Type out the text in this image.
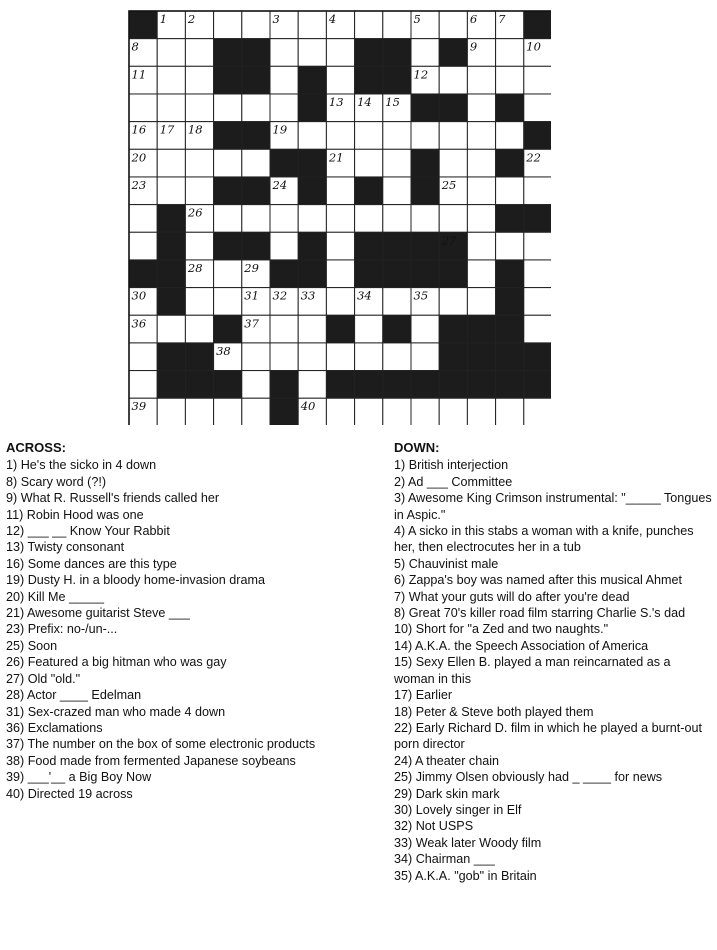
1 2	3	4	5	6 7
8	9	10
11	12
13 14 15
16 17 18	19
20	21	22
23	24	25
26
27
28	29
30	31 32 33	34	35
36	37
38
39	40
ACROSS:
1) He's the sicko in 4 down
8) Scary word (?!)
9) What R. Russell's friends called her
11) Robin Hood was one
12) ___ __ Know Your Rabbit
13) Twisty consonant
16) Some dances are this type
19) Dusty H. in a bloody home-invasion drama
20) Kill Me _____
21) Awesome guitarist Steve ___
23) Prefix: no-/un-...
25) Soon
26) Featured a big hitman who was gay
27) Old "old."
28) Actor ____ Edelman
31) Sex-crazed man who made 4 down
36) Exclamations
37) The number on the box of some electronic products
38) Food made from fermented Japanese soybeans
39) ___'__ a Big Boy Now
40) Directed 19 across
DOWN:
1) British interjection
2) Ad ___ Committee
3) Awesome King Crimson instrumental: "_____ Tongues in Aspic."
4) A sicko in this stabs a woman with a knife, punches her, then electrocutes her in a tub
5) Chauvinist male
6) Zappa's boy was named after this musical Ahmet
7) What your guts will do after you're dead
8) Great 70's killer road film starring Charlie S.'s dad
10) Short for "a Zed and two naughts."
14) A.K.A. the Speech Association of America
15) Sexy Ellen B. played a man reincarnated as a woman in this
17) Earlier
18) Peter & Steve both played them
22) Early Richard D. film in which he played a burnt-out porn director
24) A theater chain
25) Jimmy Olsen obviously had _ ____ for news
29) Dark skin mark
30) Lovely singer in Elf
32) Not USPS
33) Weak later Woody film
34) Chairman ___
35) A.K.A. "gob" in Britain
